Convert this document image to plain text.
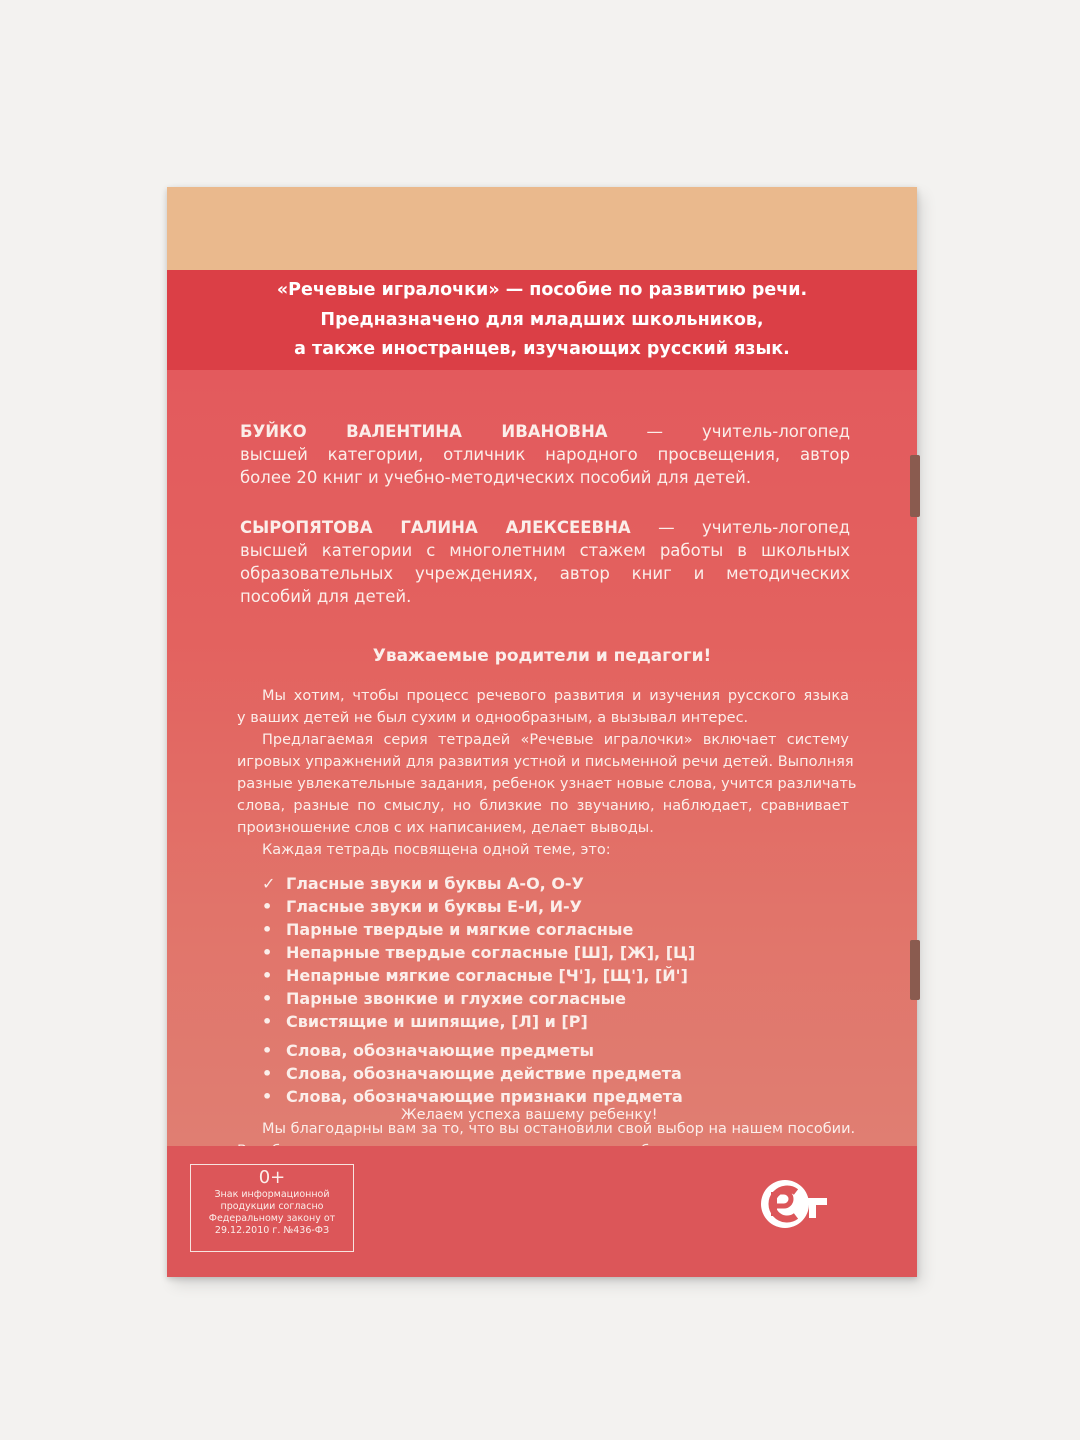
«Речевые игралочки» — пособие по развитию речи.
Предназначено для младших школьников,
а также иностранцев, изучающих русский язык.
БУЙКО ВАЛЕНТИНА ИВАНОВНА — учитель-логопед
высшей категории, отличник народного просвещения, автор
более 20 книг и учебно-методических пособий для детей.
СЫРОПЯТОВА ГАЛИНА АЛЕКСЕЕВНА — учитель-логопед
высшей категории с многолетним стажем работы в школьных
образовательных учреждениях, автор книг и методических
пособий для детей.
Уважаемые родители и педагоги!
Мы хотим, чтобы процесс речевого развития и изучения русского языка
у ваших детей не был сухим и однообразным, а вызывал интерес.
Предлагаемая серия тетрадей «Речевые игралочки» включает систему
игровых упражнений для развития устной и письменной речи детей. Выполняя
разные увлекательные задания, ребенок узнает новые слова, учится различать
слова, разные по смыслу, но близкие по звучанию, наблюдает, сравнивает
произношение слов с их написанием, делает выводы.
Каждая тетрадь посвящена одной теме, это:
✓ Гласные звуки и буквы А-О, О-У
• Гласные звуки и буквы Е-И, И-У
• Парные твердые и мягкие согласные
• Непарные твердые согласные [Ш], [Ж], [Ц]
• Непарные мягкие согласные [Ч'], [Щ'], [Й']
• Парные звонкие и глухие согласные
• Свистящие и шипящие, [Л] и [Р]
• Слова, обозначающие предметы
• Слова, обозначающие действие предмета
• Слова, обозначающие признаки предмета
Мы благодарны вам за то, что вы остановили свой выбор на нашем пособии.
Желаем успеха вашему ребенку!
0+
Знак информационной
продукции согласно
Федеральному закону от
29.12.2010 г. №436-ФЗ
